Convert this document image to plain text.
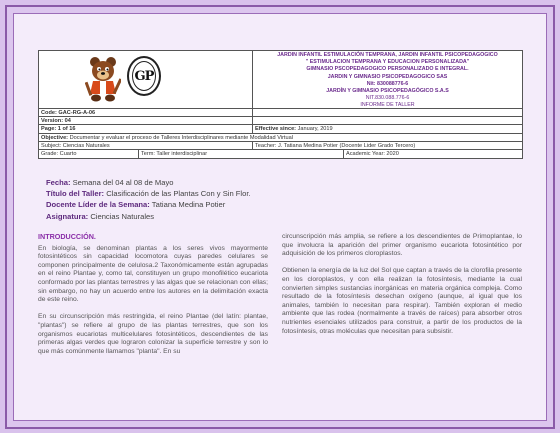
GP
JARDIN INFANTIL ESTIMULACIÓN TEMPRANA, JARDIN INFANTIL PSICOPEDAGOGICO
" ESTIMULACION TEMPRANA Y EDUCACION PERSONALIZADA"
GIMNASIO PSCOPEDAGOGICO PERSONALIZADO E INTEGRAL.
JARDIN Y GIMNASIO PSICOPEDAGOGICO SAS
Nit: 830088776-6
JARDÍN Y GIMNASIO PSICOPEDAGÓGICO S.A.S
NIT.830.088.776-6
INFORME DE TALLER
Code: GAC-RG-A-06
Version: 04
Page: 1 of 16	Effective since: January, 2019
Objective: Documentar y evaluar el proceso de Talleres Interdisciplinares mediante Modalidad Virtual
Subject: Ciencias Naturales	Teacher: J. Tatiana Medina Potier (Docente Lider Grado Tercero)
Grade: Cuarto	Term: Taller interdisciplinar	Academic Year: 2020
Fecha: Semana del 04 al 08 de Mayo
Título del Taller: Clasificación de las Plantas Con y Sin Flor.
Docente Líder de la Semana: Tatiana Medina Potier
Asignatura: Ciencias Naturales
INTRODUCCIÓN.

En biología, se denominan plantas a los seres vivos mayormente fotosintéticos sin capacidad locomotora cuyas paredes celulares se componen principalmente de celulosa.2 Taxonómicamente están agrupadas en el reino Plantae y, como tal, constituyen un grupo monofilético eucariota conformado por las plantas terrestres y las algas que se relacionan con ellas; sin embargo, no hay un acuerdo entre los autores en la delimitación exacta de este reino.

En su circunscripción más restringida, el reino Plantae (del latín: plantae, "plantas") se refiere al grupo de las plantas terrestres, que son los organismos eucariotas multicelulares fotosintéticos, descendientes de las primeras algas verdes que lograron colonizar la superficie terrestre y son lo que más comúnmente llamamos "planta". En su

circunscripción más amplia, se refiere a los descendientes de Primoplantae, lo que involucra la aparición del primer organismo eucariota fotosintético por adquisición de los primeros cloroplastos.

Obtienen la energía de la luz del Sol que captan a través de la clorofila presente en los cloroplastos, y con ella realizan la fotosíntesis, mediante la cual convierten simples sustancias inorgánicas en materia orgánica compleja. Como resultado de la fotosíntesis desechan oxígeno (aunque, al igual que los animales, también lo necesitan para respirar). También exploran el medio ambiente que las rodea (normalmente a través de raíces) para absorber otros nutrientes esenciales utilizados para construir, a partir de los productos de la fotosíntesis, otras moléculas que necesitan para subsistir.
